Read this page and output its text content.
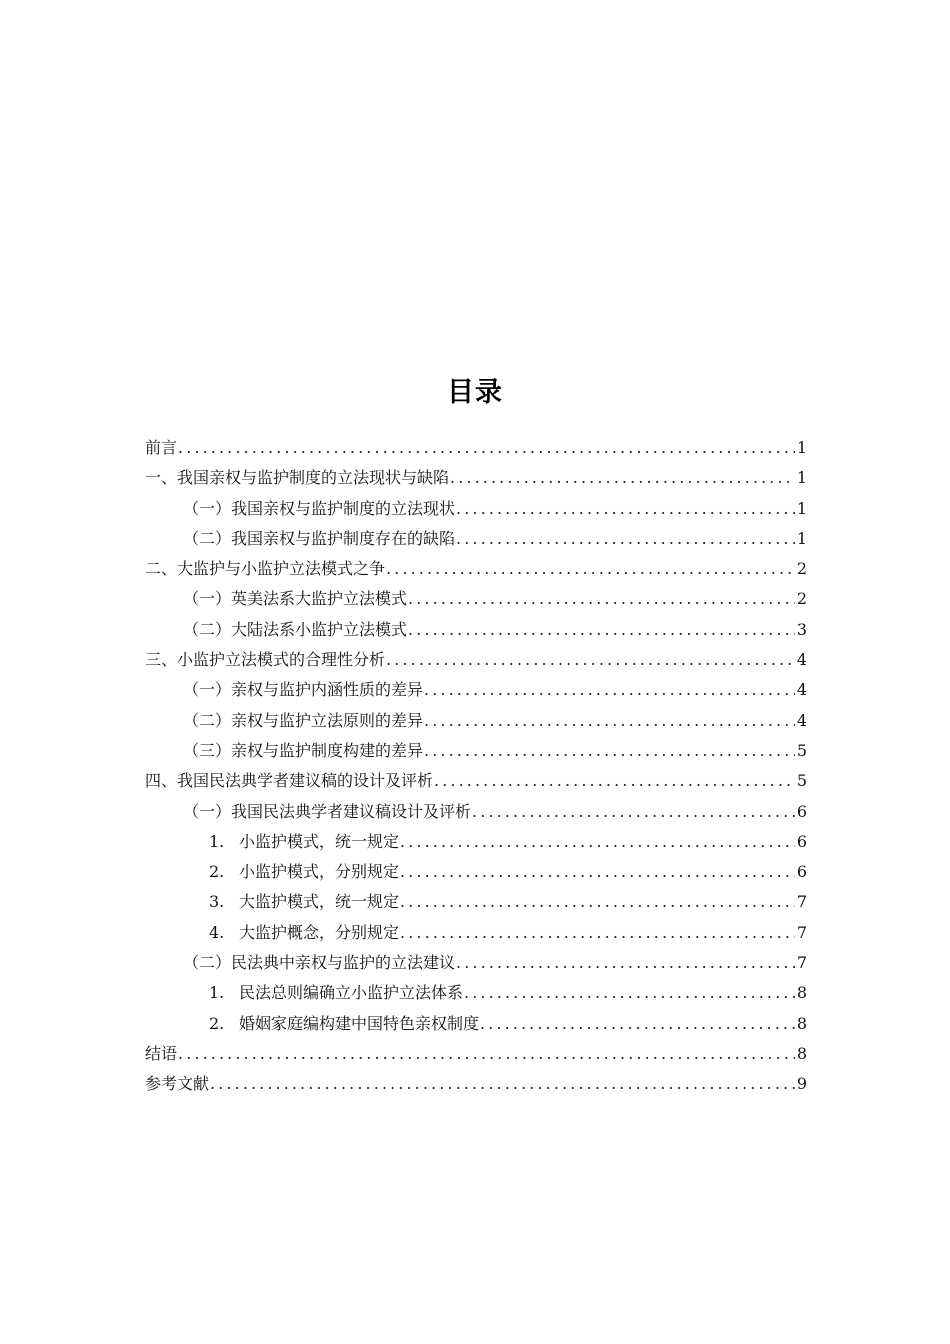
目录
前言 .....	1
一、我国亲权与监护制度的立法现状与缺陷 .....	1
（一）我国亲权与监护制度的立法现状 .....	1
（二）我国亲权与监护制度存在的缺陷 .....	1
二、大监护与小监护立法模式之争 .....	2
（一）英美法系大监护立法模式 .....	2
（二）大陆法系小监护立法模式 .....	3
三、小监护立法模式的合理性分析 .....	4
（一）亲权与监护内涵性质的差异 .....	4
（二）亲权与监护立法原则的差异 .....	4
（三）亲权与监护制度构建的差异 .....	5
四、我国民法典学者建议稿的设计及评析 .....	5
（一）我国民法典学者建议稿设计及评析 .....	6
1. 小监护模式，统一规定 .....	6
2. 小监护模式，分别规定 .....	6
3. 大监护模式，统一规定 .....	7
4. 大监护概念，分别规定 .....	7
（二）民法典中亲权与监护的立法建议 .....	7
1. 民法总则编确立小监护立法体系 .....	8
2. 婚姻家庭编构建中国特色亲权制度 .....	8
结语 .....	8
参考文献 .....	9
